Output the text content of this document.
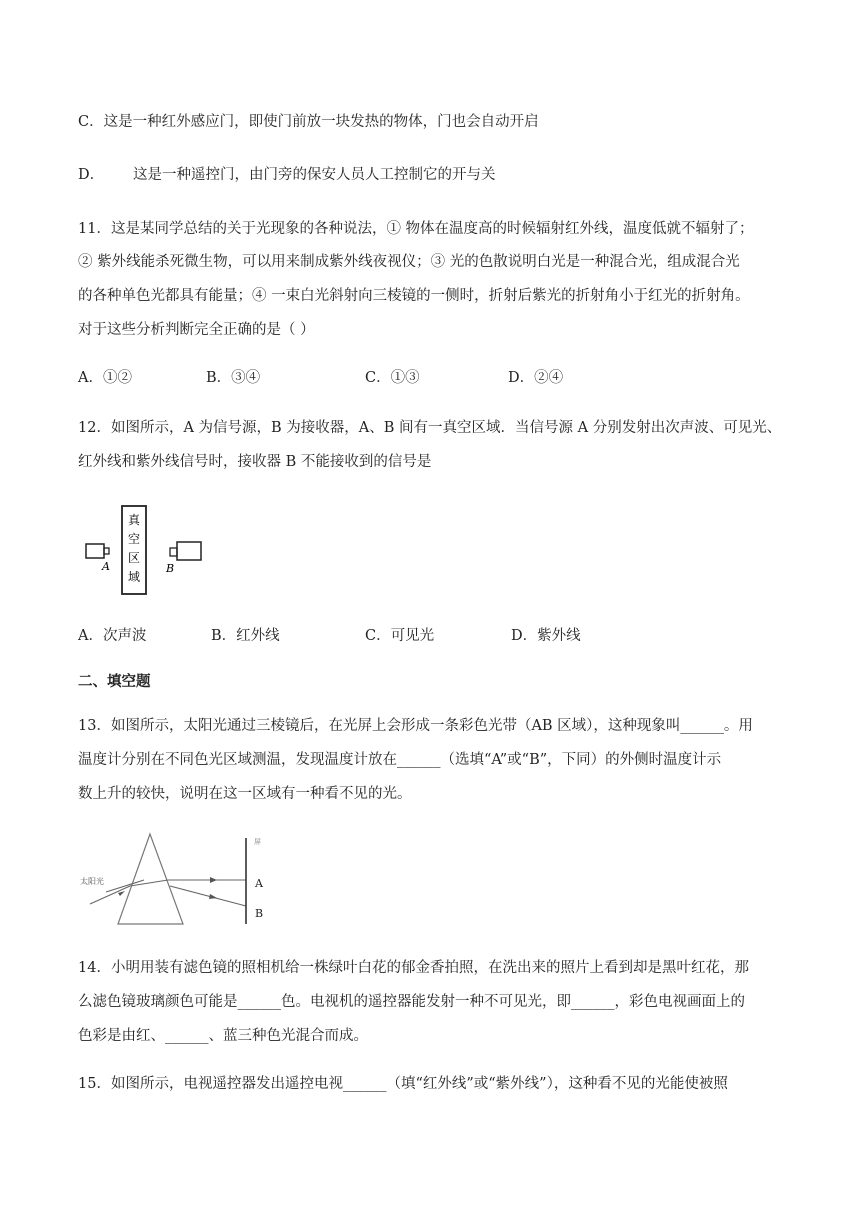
C．这是一种红外感应门，即使门前放一块发热的物体，门也会自动开启
D． 这是一种遥控门，由门旁的保安人员人工控制它的开与关
11．这是某同学总结的关于光现象的各种说法，① 物体在温度高的时候辐射红外线，温度低就不辐射了；
② 紫外线能杀死微生物，可以用来制成紫外线夜视仪；③ 光的色散说明白光是一种混合光，组成混合光
的各种单色光都具有能量；④ 一束白光斜射向三棱镜的一侧时，折射后紫光的折射角小于红光的折射角。
对于这些分析判断完全正确的是（ ）
A．①②	B．③④	C．①③	D．②④
12．如图所示，A 为信号源，B 为接收器，A、B 间有一真空区域．当信号源 A 分别发射出次声波、可见光、
红外线和紫外线信号时，接收器 B 不能接收到的信号是
A
真
空
区
域
B
A．次声波	B．红外线	C．可见光	D．紫外线
二、填空题
13．如图所示，太阳光通过三棱镜后，在光屏上会形成一条彩色光带（AB 区域），这种现象叫______。用
温度计分别在不同色光区域测温，发现温度计放在______（选填“A”或“B”，下同）的外侧时温度计示
数上升的较快，说明在这一区域有一种看不见的光。
屏
太阳光	A
B
14．小明用装有滤色镜的照相机给一株绿叶白花的郁金香拍照，在洗出来的照片上看到却是黑叶红花，那
么滤色镜玻璃颜色可能是______色。电视机的遥控器能发射一种不可见光，即______，彩色电视画面上的
色彩是由红、______、蓝三种色光混合而成。
15．如图所示，电视遥控器发出遥控电视______（填“红外线”或“紫外线”），这种看不见的光能使被照
